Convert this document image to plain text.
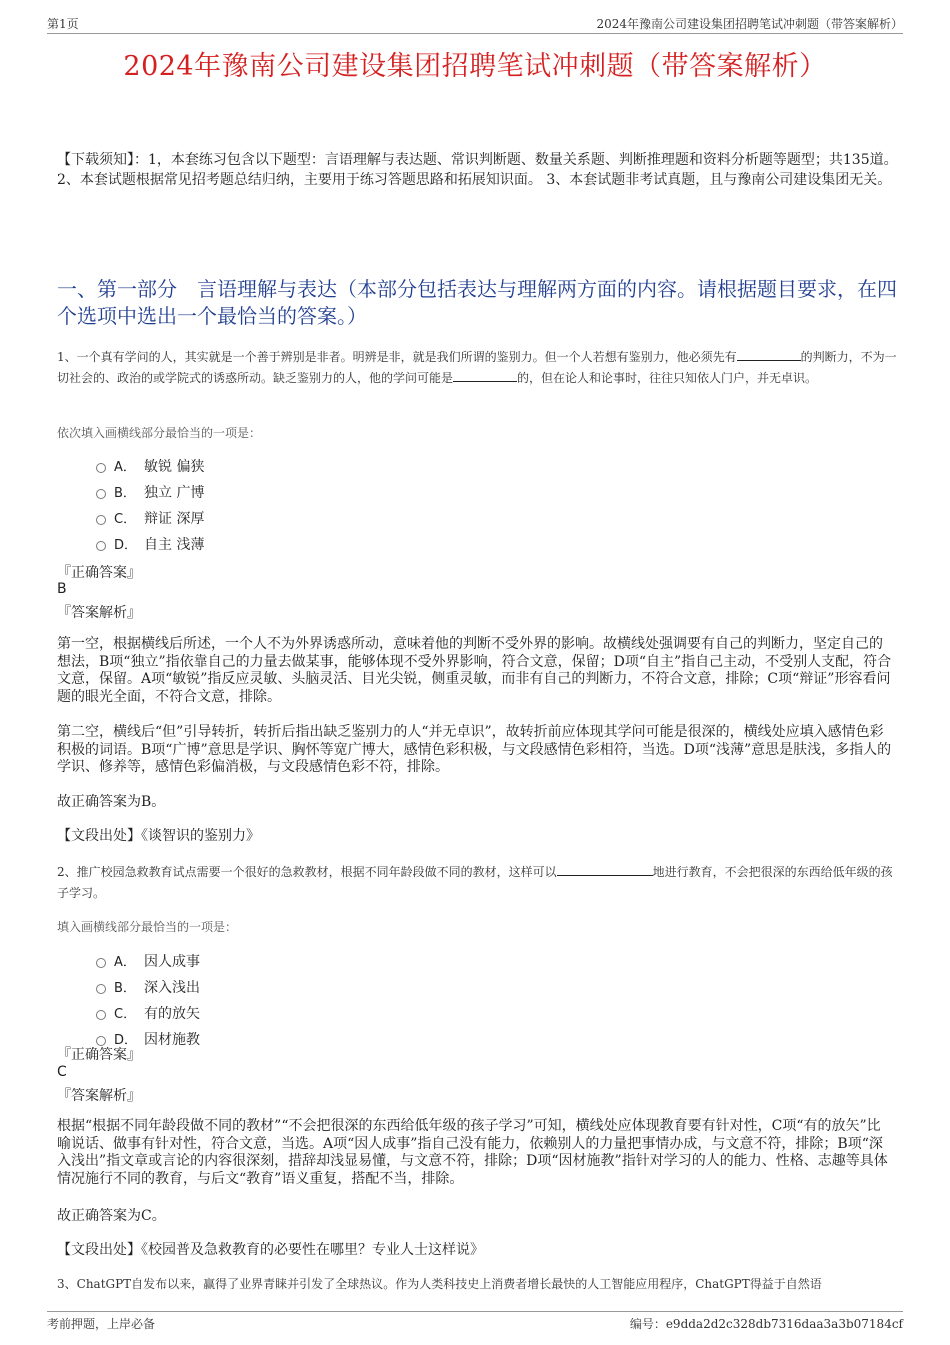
第1页	2024年豫南公司建设集团招聘笔试冲刺题（带答案解析）
2024年豫南公司建设集团招聘笔试冲刺题（带答案解析）
【下载须知】：1，本套练习包含以下题型：言语理解与表达题、常识判断题、数量关系题、判断推理题和资料分析题等题型；共135道。 2、本套试题根据常见招考题总结归纳，主要用于练习答题思路和拓展知识面。 3、本套试题非考试真题，且与豫南公司建设集团无关。
一、第一部分　言语理解与表达（本部分包括表达与理解两方面的内容。请根据题目要求，在四个选项中选出一个最恰当的答案。）
1、一个真有学问的人，其实就是一个善于辨别是非者。明辨是非，就是我们所谓的鉴别力。但一个人若想有鉴别力，他必须先有	的判断力，不为一切社会的、政治的或学院式的诱惑所动。缺乏鉴别力的人，他的学问可能是	的，但在论人和论事时，往往只知依人门户，并无卓识。
依次填入画横线部分最恰当的一项是：
A． 敏锐 偏狭
B． 独立 广博
C． 辩证 深厚
D． 自主 浅薄
『正确答案』
B
『答案解析』
第一空，根据横线后所述，一个人不为外界诱惑所动，意味着他的判断不受外界的影响。故横线处强调要有自己的判断力，坚定自己的想法，B项“独立”指依靠自己的力量去做某事，能够体现不受外界影响，符合文意，保留；D项“自主”指自己主动，不受别人支配，符合文意，保留。A项“敏锐”指反应灵敏、头脑灵活、目光尖锐，侧重灵敏，而非有自己的判断力，不符合文意，排除；C项“辩证”形容看问题的眼光全面，不符合文意，排除。
第二空，横线后“但”引导转折，转折后指出缺乏鉴别力的人“并无卓识”，故转折前应体现其学问可能是很深的，横线处应填入感情色彩积极的词语。B项“广博”意思是学识、胸怀等宽广博大，感情色彩积极，与文段感情色彩相符，当选。D项“浅薄”意思是肤浅，多指人的学识、修养等，感情色彩偏消极，与文段感情色彩不符，排除。
故正确答案为B。
【文段出处】《谈智识的鉴别力》
2、推广校园急救教育试点需要一个很好的急救教材，根据不同年龄段做不同的教材，这样可以	地进行教育，不会把很深的东西给低年级的孩子学习。
填入画横线部分最恰当的一项是：
A． 因人成事
B． 深入浅出
C． 有的放矢
D． 因材施教
『正确答案』
C
『答案解析』
根据“根据不同年龄段做不同的教材”“不会把很深的东西给低年级的孩子学习”可知，横线处应体现教育要有针对性，C项“有的放矢”比喻说话、做事有针对性，符合文意，当选。A项“因人成事”指自己没有能力，依赖别人的力量把事情办成，与文意不符，排除；B项“深入浅出”指文章或言论的内容很深刻，措辞却浅显易懂，与文意不符，排除；D项“因材施教”指针对学习的人的能力、性格、志趣等具体情况施行不同的教育，与后文“教育”语义重复，搭配不当，排除。
故正确答案为C。
【文段出处】《校园普及急救教育的必要性在哪里？专业人士这样说》
3、ChatGPT自发布以来，赢得了业界青睐并引发了全球热议。作为人类科技史上消费者增长最快的人工智能应用程序，ChatGPT得益于自然语
考前押题，上岸必备	编号：e9dda2d2c328db7316daa3a3b07184cf
